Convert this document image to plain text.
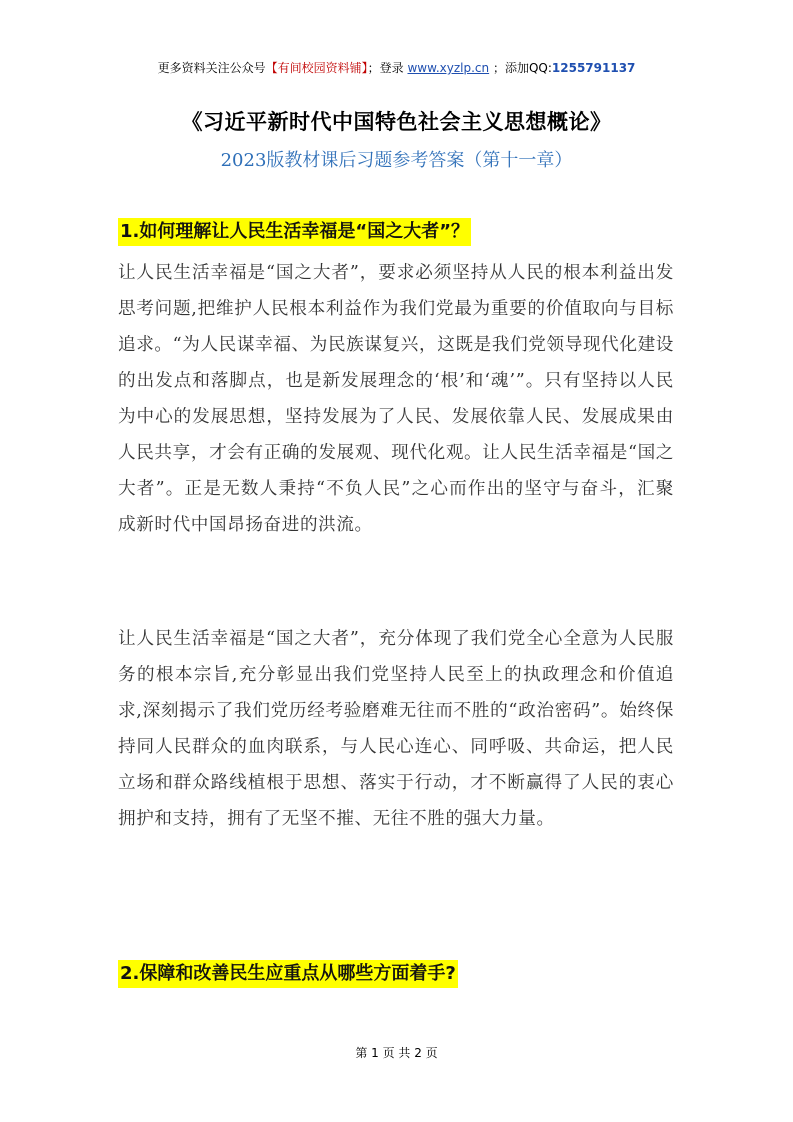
更多资料关注公众号【有间校园资料铺】；登录 www.xyzlp.cn ；添加QQ:1255791137
《习近平新时代中国特色社会主义思想概论》
2023版教材课后习题参考答案（第十一章）
1.如何理解让人民生活幸福是“国之大者”？

让人民生活幸福是“国之大者”，要求必须坚持从人民的根本利益出发思考问题,把维护人民根本利益作为我们党最为重要的价值取向与目标追求。“为人民谋幸福、为民族谋复兴，这既是我们党领导现代化建设的出发点和落脚点，也是新发展理念的‘根’和‘魂’”。只有坚持以人民为中心的发展思想，坚持发展为了人民、发展依靠人民、发展成果由人民共享，才会有正确的发展观、现代化观。让人民生活幸福是“国之大者”。正是无数人秉持“不负人民”之心而作出的坚守与奋斗，汇聚成新时代中国昂扬奋进的洪流。

让人民生活幸福是“国之大者”，充分体现了我们党全心全意为人民服务的根本宗旨,充分彰显出我们党坚持人民至上的执政理念和价值追求,深刻揭示了我们党历经考验磨难无往而不胜的“政治密码”。始终保持同人民群众的血肉联系，与人民心连心、同呼吸、共命运，把人民立场和群众路线植根于思想、落实于行动，才不断赢得了人民的衷心拥护和支持，拥有了无坚不摧、无往不胜的强大力量。

2.保障和改善民生应重点从哪些方面着手?
第 1 页 共 2 页
